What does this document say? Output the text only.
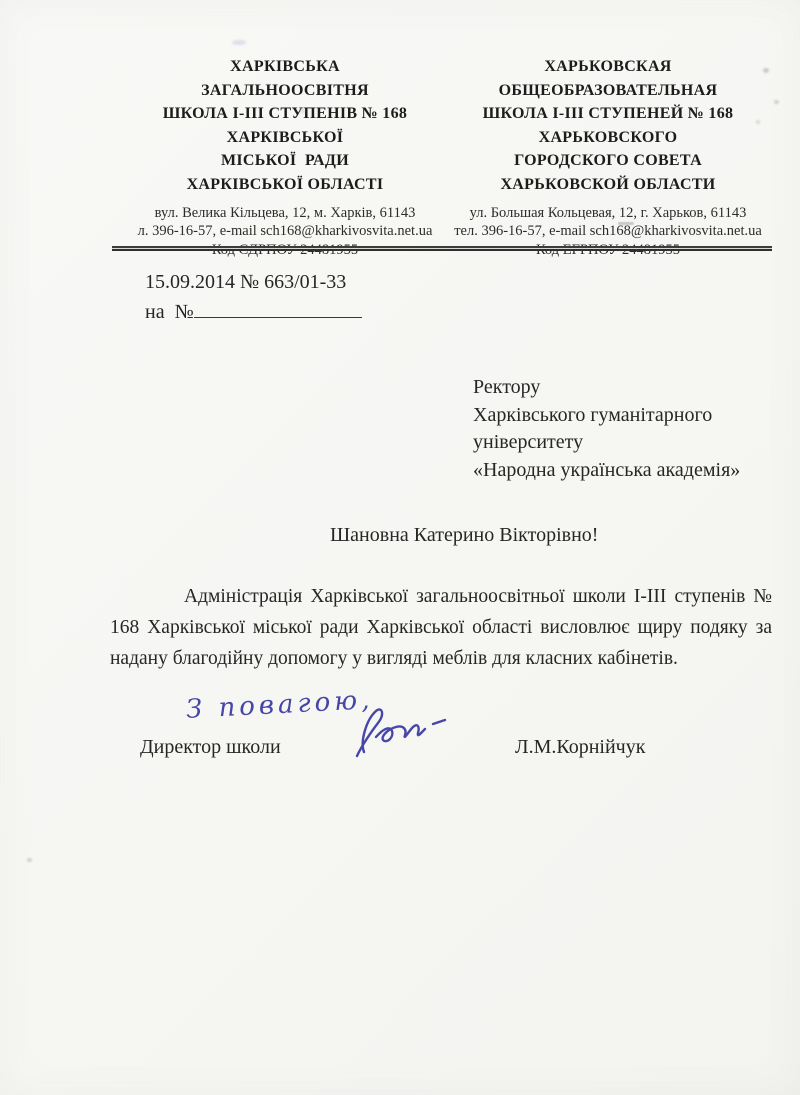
ХАРКІВСЬКА
ЗАГАЛЬНООСВІТНЯ
ШКОЛА І-ІІІ СТУПЕНІВ № 168
ХАРКІВСЬКОЇ
МІСЬКОЇ  РАДИ
ХАРКІВСЬКОЇ ОБЛАСТІ
вул. Велика Кільцева, 12, м. Харків, 61143
л. 396-16-57, e-mail sch168@kharkivosvita.net.ua
ХАРЬКОВСКАЯ
ОБЩЕОБРАЗОВАТЕЛЬНАЯ
ШКОЛА І-ІІІ СТУПЕНЕЙ № 168
ХАРЬКОВСКОГО
ГОРОДСКОГО СОВЕТА
ХАРЬКОВСКОЙ ОБЛАСТИ
ул. Большая Кольцевая, 12, г. Харьков, 61143
тел. 396-16-57, e-mail sch168@kharkivosvita.net.ua
15.09.2014 № 663/01-33
на  №
Ректору
Харківського гуманітарного
університету
«Народна українська академія»
Шановна Катерино Вікторівно!

Адміністрація Харківської загальноосвітньої школи І-ІІІ ступенів № 168 Харківської міської ради Харківської області висловлює щиру подяку за надану благодійну допомогу у вигляді меблів для класних кабінетів.

З повагою,
Директор школи	Л.М.Корнійчук
